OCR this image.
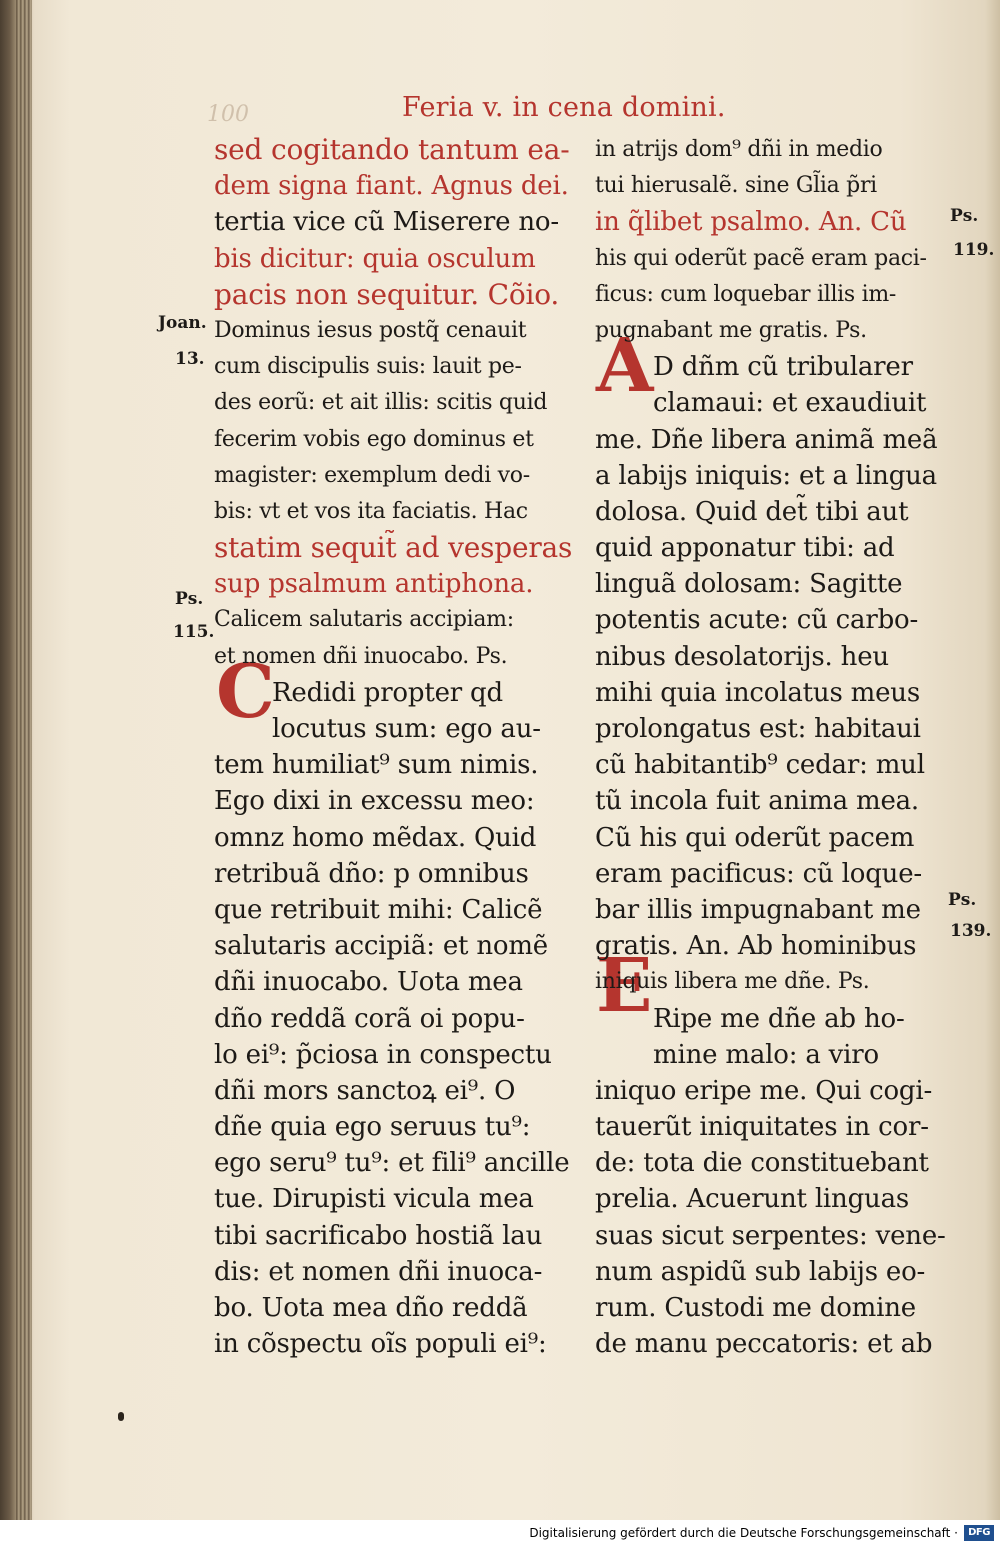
100	Feria v. in cena domini.
Joan.
13.
Ps.
115.
Ps.
119.
Ps.
139.
C
A
E
sed cogitando tantum ea-
dem signa fiant. Agnus dei.
tertia vice cũ Miserere no-
bis dicitur: quia osculum
pacis non sequitur. Cõio.
Dominus iesus postq̃ cenauit
cum discipulis suis: lauit pe-
des eorũ: et ait illis: scitis quid
fecerim vobis ego dominus et
magister: exemplum dedi vo-
bis: vt et vos ita faciatis. Hac
statim sequit̃ ad vesperas
sup psalmum antiphona.
Calicem salutaris accipiam:
et nomen dñi inuocabo. Ps.
Redidi propter qd
locutus sum: ego au-
tem humiliat⁹ sum nimis.
Ego dixi in excessu meo:
omnz homo mẽdax. Quid
retribuã dño: p omnibus
que retribuit mihi: Calicẽ
salutaris accipiã: et nomẽ
dñi inuocabo. Uota mea
dño reddã corã oi popu-
lo ei⁹: p̃ciosa in conspectu
dñi mors sanctoꝝ ei⁹. O
dñe quia ego seruus tu⁹:
ego seru⁹ tu⁹: et fili⁹ ancille
tue. Dirupisti vicula mea
tibi sacrificabo hostiã lau
dis: et nomen dñi inuoca-
bo. Uota mea dño reddã
in cõspectu oĩs populi ei⁹:
in atrijs dom⁹ dñi in medio
tui hierusalẽ. sine Gl̃ia p̃ri
in q̃libet psalmo. An. Cũ
his qui oderũt pacẽ eram paci-
ficus: cum loquebar illis im-
pugnabant me gratis. Ps.
D dñm cũ tribularer
clamaui: et exaudiuit
me. Dñe libera animã meã
a labijs iniquis: et a lingua
dolosa. Quid det̃ tibi aut
quid apponatur tibi: ad
linguã dolosam: Sagitte
potentis acute: cũ carbo-
nibus desolatorijs. heu
mihi quia incolatus meus
prolongatus est: habitaui
cũ habitantib⁹ cedar: mul
tũ incola fuit anima mea.
Cũ his qui oderũt pacem
eram pacificus: cũ loque-
bar illis impugnabant me
gratis. An. Ab hominibus
iniquis libera me dñe. Ps.
Ripe me dñe ab ho-
mine malo: a viro
iniquo eripe me. Qui cogi-
tauerũt iniquitates in cor-
de: tota die constituebant
prelia. Acuerunt linguas
suas sicut serpentes: vene-
num aspidũ sub labijs eo-
rum. Custodi me domine
de manu peccatoris: et ab
Digitalisierung gefördert durch die Deutsche Forschungsgemeinschaft ·	DFG
